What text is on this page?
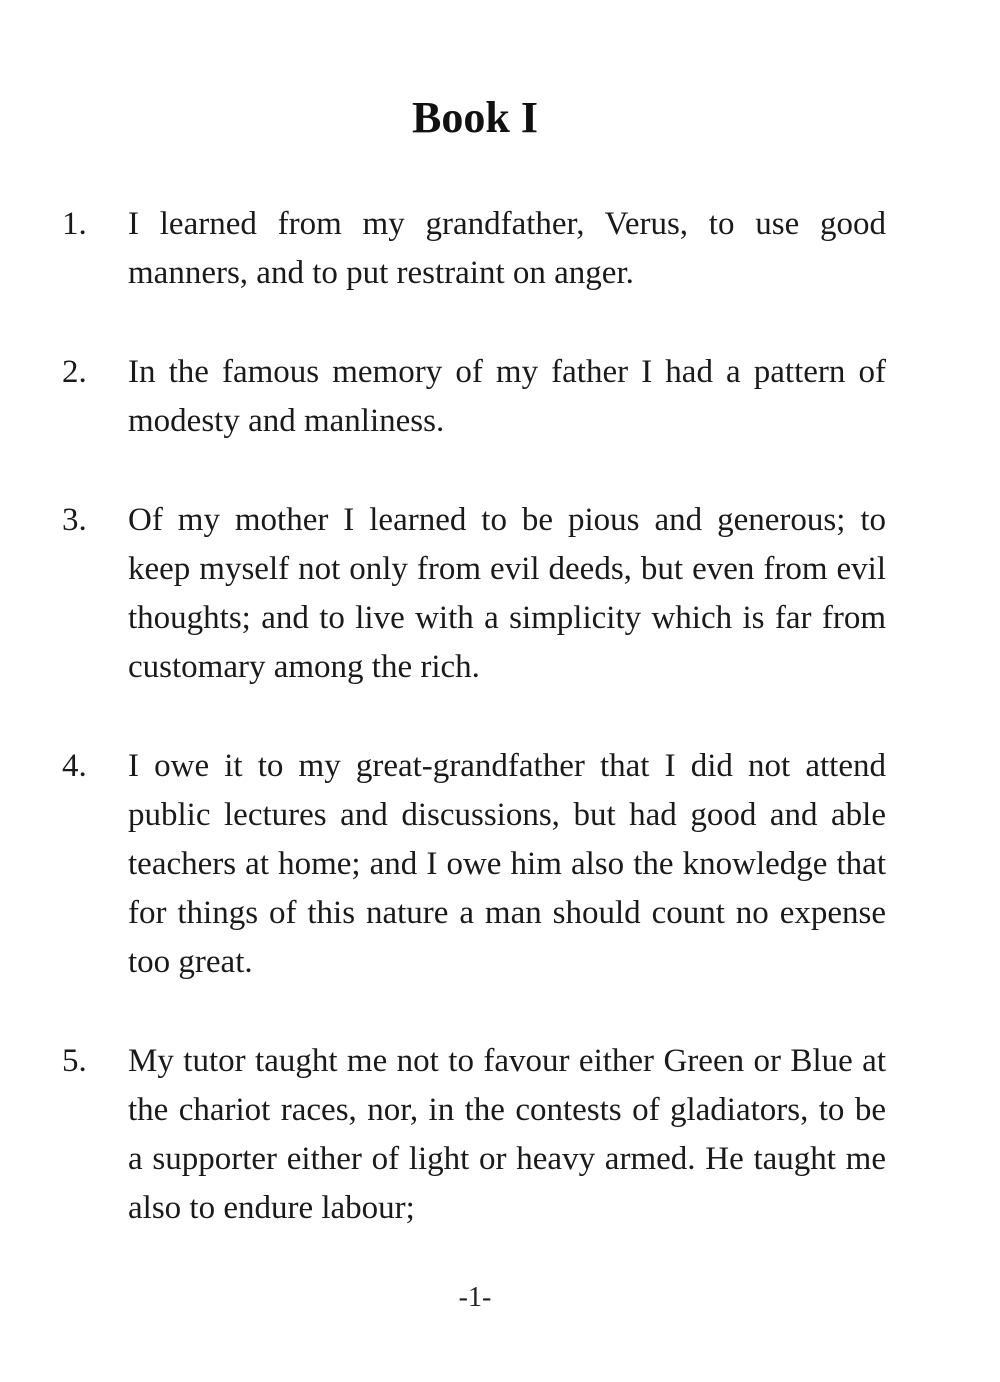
Book I
1.	I learned from my grandfather, Verus, to use good manners, and to put restraint on anger.
2.	In the famous memory of my father I had a pattern of modesty and manliness.
3.	Of my mother I learned to be pious and generous; to keep myself not only from evil deeds, but even from evil thoughts; and to live with a simplicity which is far from customary among the rich.
4.	I owe it to my great-grandfather that I did not attend public lectures and discussions, but had good and able teachers at home; and I owe him also the knowledge that for things of this nature a man should count no expense too great.
5.	My tutor taught me not to favour either Green or Blue at the chariot races, nor, in the contests of gladiators, to be a supporter either of light or heavy armed. He taught me also to endure labour;
-1-
